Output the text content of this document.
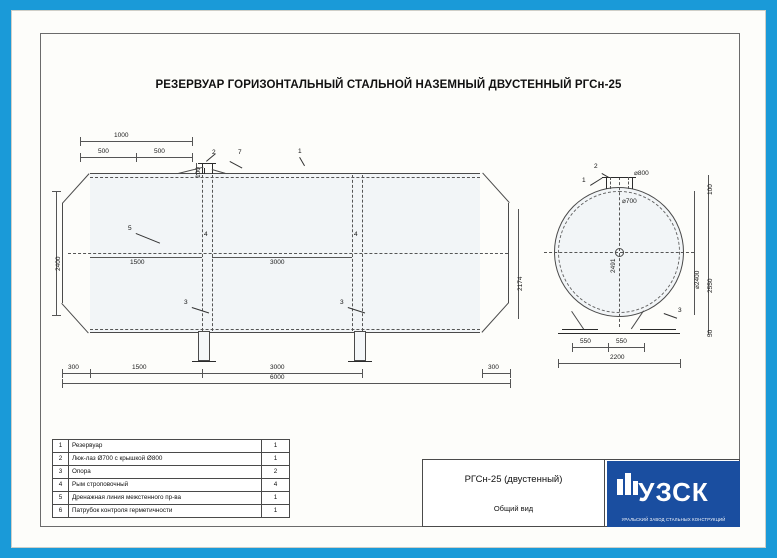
РЕЗЕРВУАР ГОРИЗОНТАЛЬНЫЙ СТАЛЬНОЙ НАЗЕМНЫЙ ДВУСТЕННЫЙ РГСн-25
1000
500	500
100
2400
2174
1500	3000
300	1500	3000	300
6000
2	7	1
5
4	4
3	3
⌀800
⌀700
100
2550
⌀2400
50
2491
550	550
2200
1
2
3
1	Резервуар	1
2	Люк-лаз Ø700 с крышкой Ø800	1
3	Опора	2
4	Рым строповочный	4
5	Дренажная линия межстенного пр-ва	1
6	Патрубок контроля герметичности	1
РГСн-25 (двустенный)
Общий вид
УЗСК
УРАЛЬСКИЙ ЗАВОД СТАЛЬНЫХ КОНСТРУКЦИЙ
